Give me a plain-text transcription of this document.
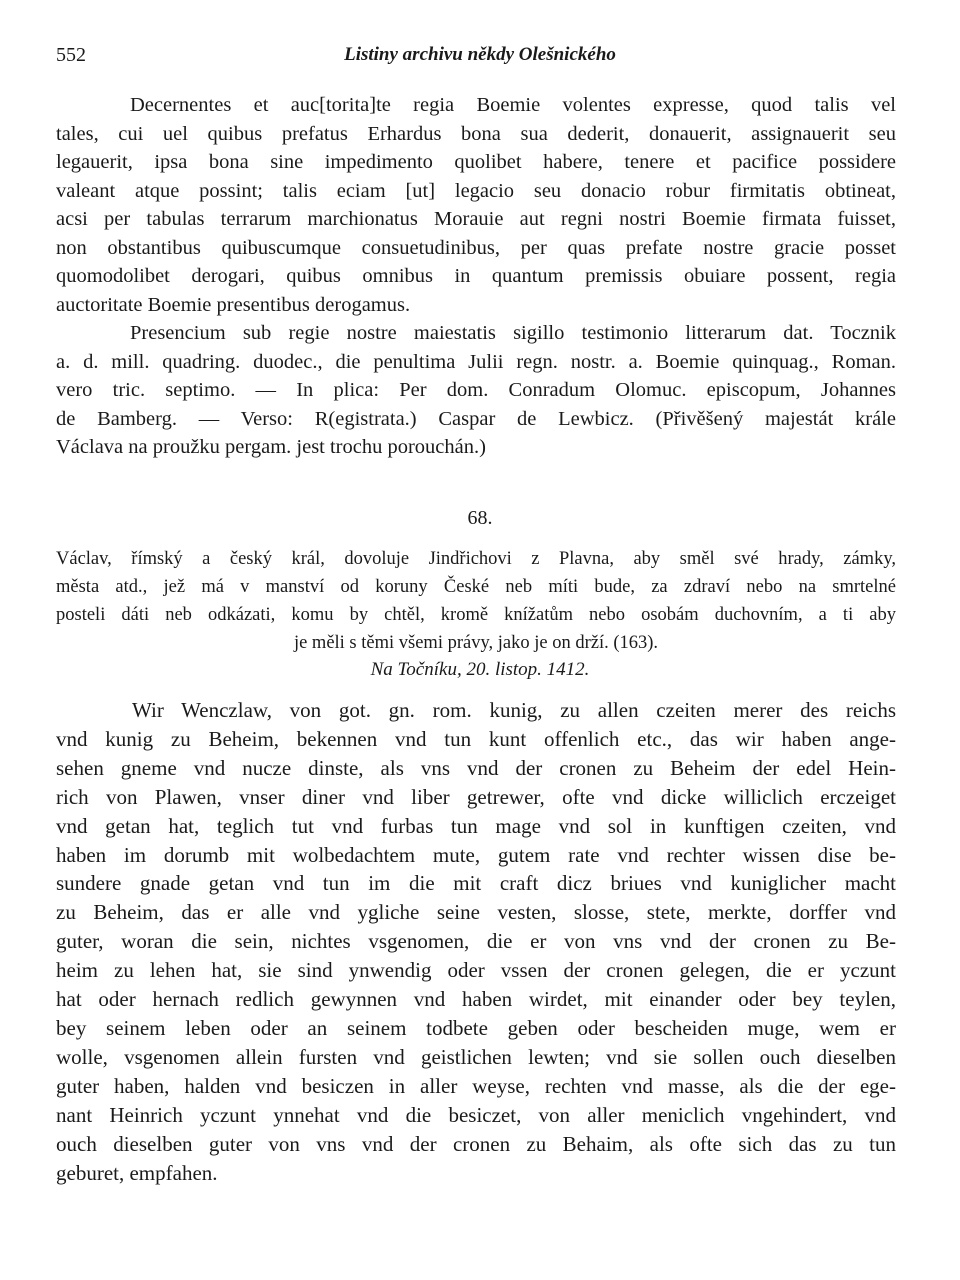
552	Listiny archivu někdy Olešnického
Decernentes et auc[torita]te regia Boemie volentes expresse, quod talis vel
tales, cui uel quibus prefatus Erhardus bona sua dederit, donauerit, assignauerit seu
legauerit, ipsa bona sine impedimento quolibet habere, tenere et pacifice possidere
valeant atque possint; talis eciam [ut] legacio seu donacio robur firmitatis obtineat,
acsi per tabulas terrarum marchionatus Morauie aut regni nostri Boemie firmata fuisset,
non obstantibus quibuscumque consuetudinibus, per quas prefate nostre gracie posset
quomodolibet derogari, quibus omnibus in quantum premissis obuiare possent, regia
auctoritate Boemie presentibus derogamus.
Presencium sub regie nostre maiestatis sigillo testimonio litterarum dat. Tocznik
a. d. mill. quadring. duodec., die penultima Julii regn. nostr. a. Boemie quinquag., Roman.
vero tric. septimo. — In plica: Per dom. Conradum Olomuc. episcopum, Johannes
de Bamberg. — Verso: R(egistrata.) Caspar de Lewbicz. (Přivěšený majestát krále
Václava na proužku pergam. jest trochu porouchán.)
68.
Václav, římský a český král, dovoluje Jindřichovi z Plavna, aby směl své hrady, zámky,
města atd., jež má v manství od koruny České neb míti bude, za zdraví nebo na smrtelné
posteli dáti neb odkázati, komu by chtěl, kromě knížatům nebo osobám duchovním, a ti aby
je měli s těmi všemi právy, jako je on drží. (163).
Na Točníku, 20. listop. 1412.
Wir Wenczlaw, von got. gn. rom. kunig, zu allen czeiten merer des reichs
vnd kunig zu Beheim, bekennen vnd tun kunt offenlich etc., das wir haben ange-
sehen gneme vnd nucze dinste, als vns vnd der cronen zu Beheim der edel Hein-
rich von Plawen, vnser diner vnd liber getrewer, ofte vnd dicke williclich erczeiget
vnd getan hat, teglich tut vnd furbas tun mage vnd sol in kunftigen czeiten, vnd
haben im dorumb mit wolbedachtem mute, gutem rate vnd rechter wissen dise be-
sundere gnade getan vnd tun im die mit craft dicz briues vnd kuniglicher macht
zu Beheim, das er alle vnd ygliche seine vesten, slosse, stete, merkte, dorffer vnd
guter, woran die sein, nichtes vsgenomen, die er von vns vnd der cronen zu Be-
heim zu lehen hat, sie sind ynwendig oder vssen der cronen gelegen, die er yczunt
hat oder hernach redlich gewynnen vnd haben wirdet, mit einander oder bey teylen,
bey seinem leben oder an seinem todbete geben oder bescheiden muge, wem er
wolle, vsgenomen allein fursten vnd geistlichen lewten; vnd sie sollen ouch dieselben
guter haben, halden vnd besiczen in aller weyse, rechten vnd masse, als die der ege-
nant Heinrich yczunt ynnehat vnd die besiczet, von aller meniclich vngehindert, vnd
ouch dieselben guter von vns vnd der cronen zu Behaim, als ofte sich das zu tun
geburet, empfahen.
